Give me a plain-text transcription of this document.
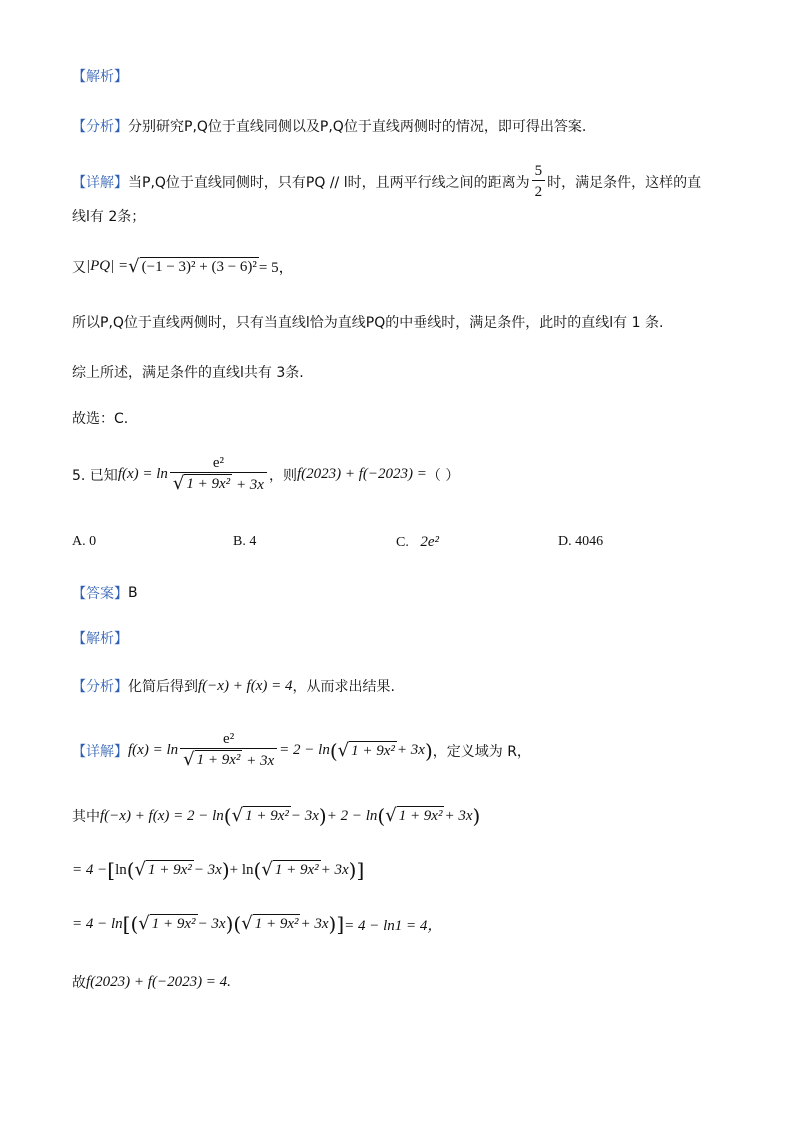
【解析】
【分析】 分别研究P,Q位于直线同侧以及P,Q位于直线两侧时的情况，即可得出答案.
【详解】 当P,Q位于直线同侧时，只有PQ // l时，且两平行线之间的距离为 $\frac{5}{2}$ 时，满足条件，这样的直
线l有 2条；
又 |PQ| = √ (−1 − 3)² + (3 − 6)² = 5，
所以P,Q位于直线两侧时，只有当直线l恰为直线PQ的中垂线时，满足条件，此时的直线l有 1 条.
综上所述，满足条件的直线l共有 3条.
故选：C.
5. 已知 $f(x) = \ln \frac{\text{e²}}{\text{√ 1 + 9x² + 3x}}$ ，则 f(2023) + f(−2023) = （ ）
A. 0	B. 4	C. 2e²	D. 4046
【答案】 B
【解析】
【分析】 化简后得到 f(−x) + f(x) = 4 ，从而求出结果.
【详解】 $f(x) = \ln \frac{\text{e²}}{\text{√ 1 + 9x² + 3x}} = 2 - \ln$ ( √ 1 + 9x² + 3x ) ，定义域为 R，
其中 f(−x) + f(x) = 2 − ln ( √ 1 + 9x² − 3x ) + 2 − ln ( √ 1 + 9x² + 3x )
= 4 − [ ln ( √ 1 + 9x² − 3x ) + ln ( √ 1 + 9x² + 3x ) ]
= 4 − ln [ ( √ 1 + 9x² − 3x ) ( √ 1 + 9x² + 3x ) ] = 4 − ln1 = 4，
故 f(2023) + f(−2023) = 4.
